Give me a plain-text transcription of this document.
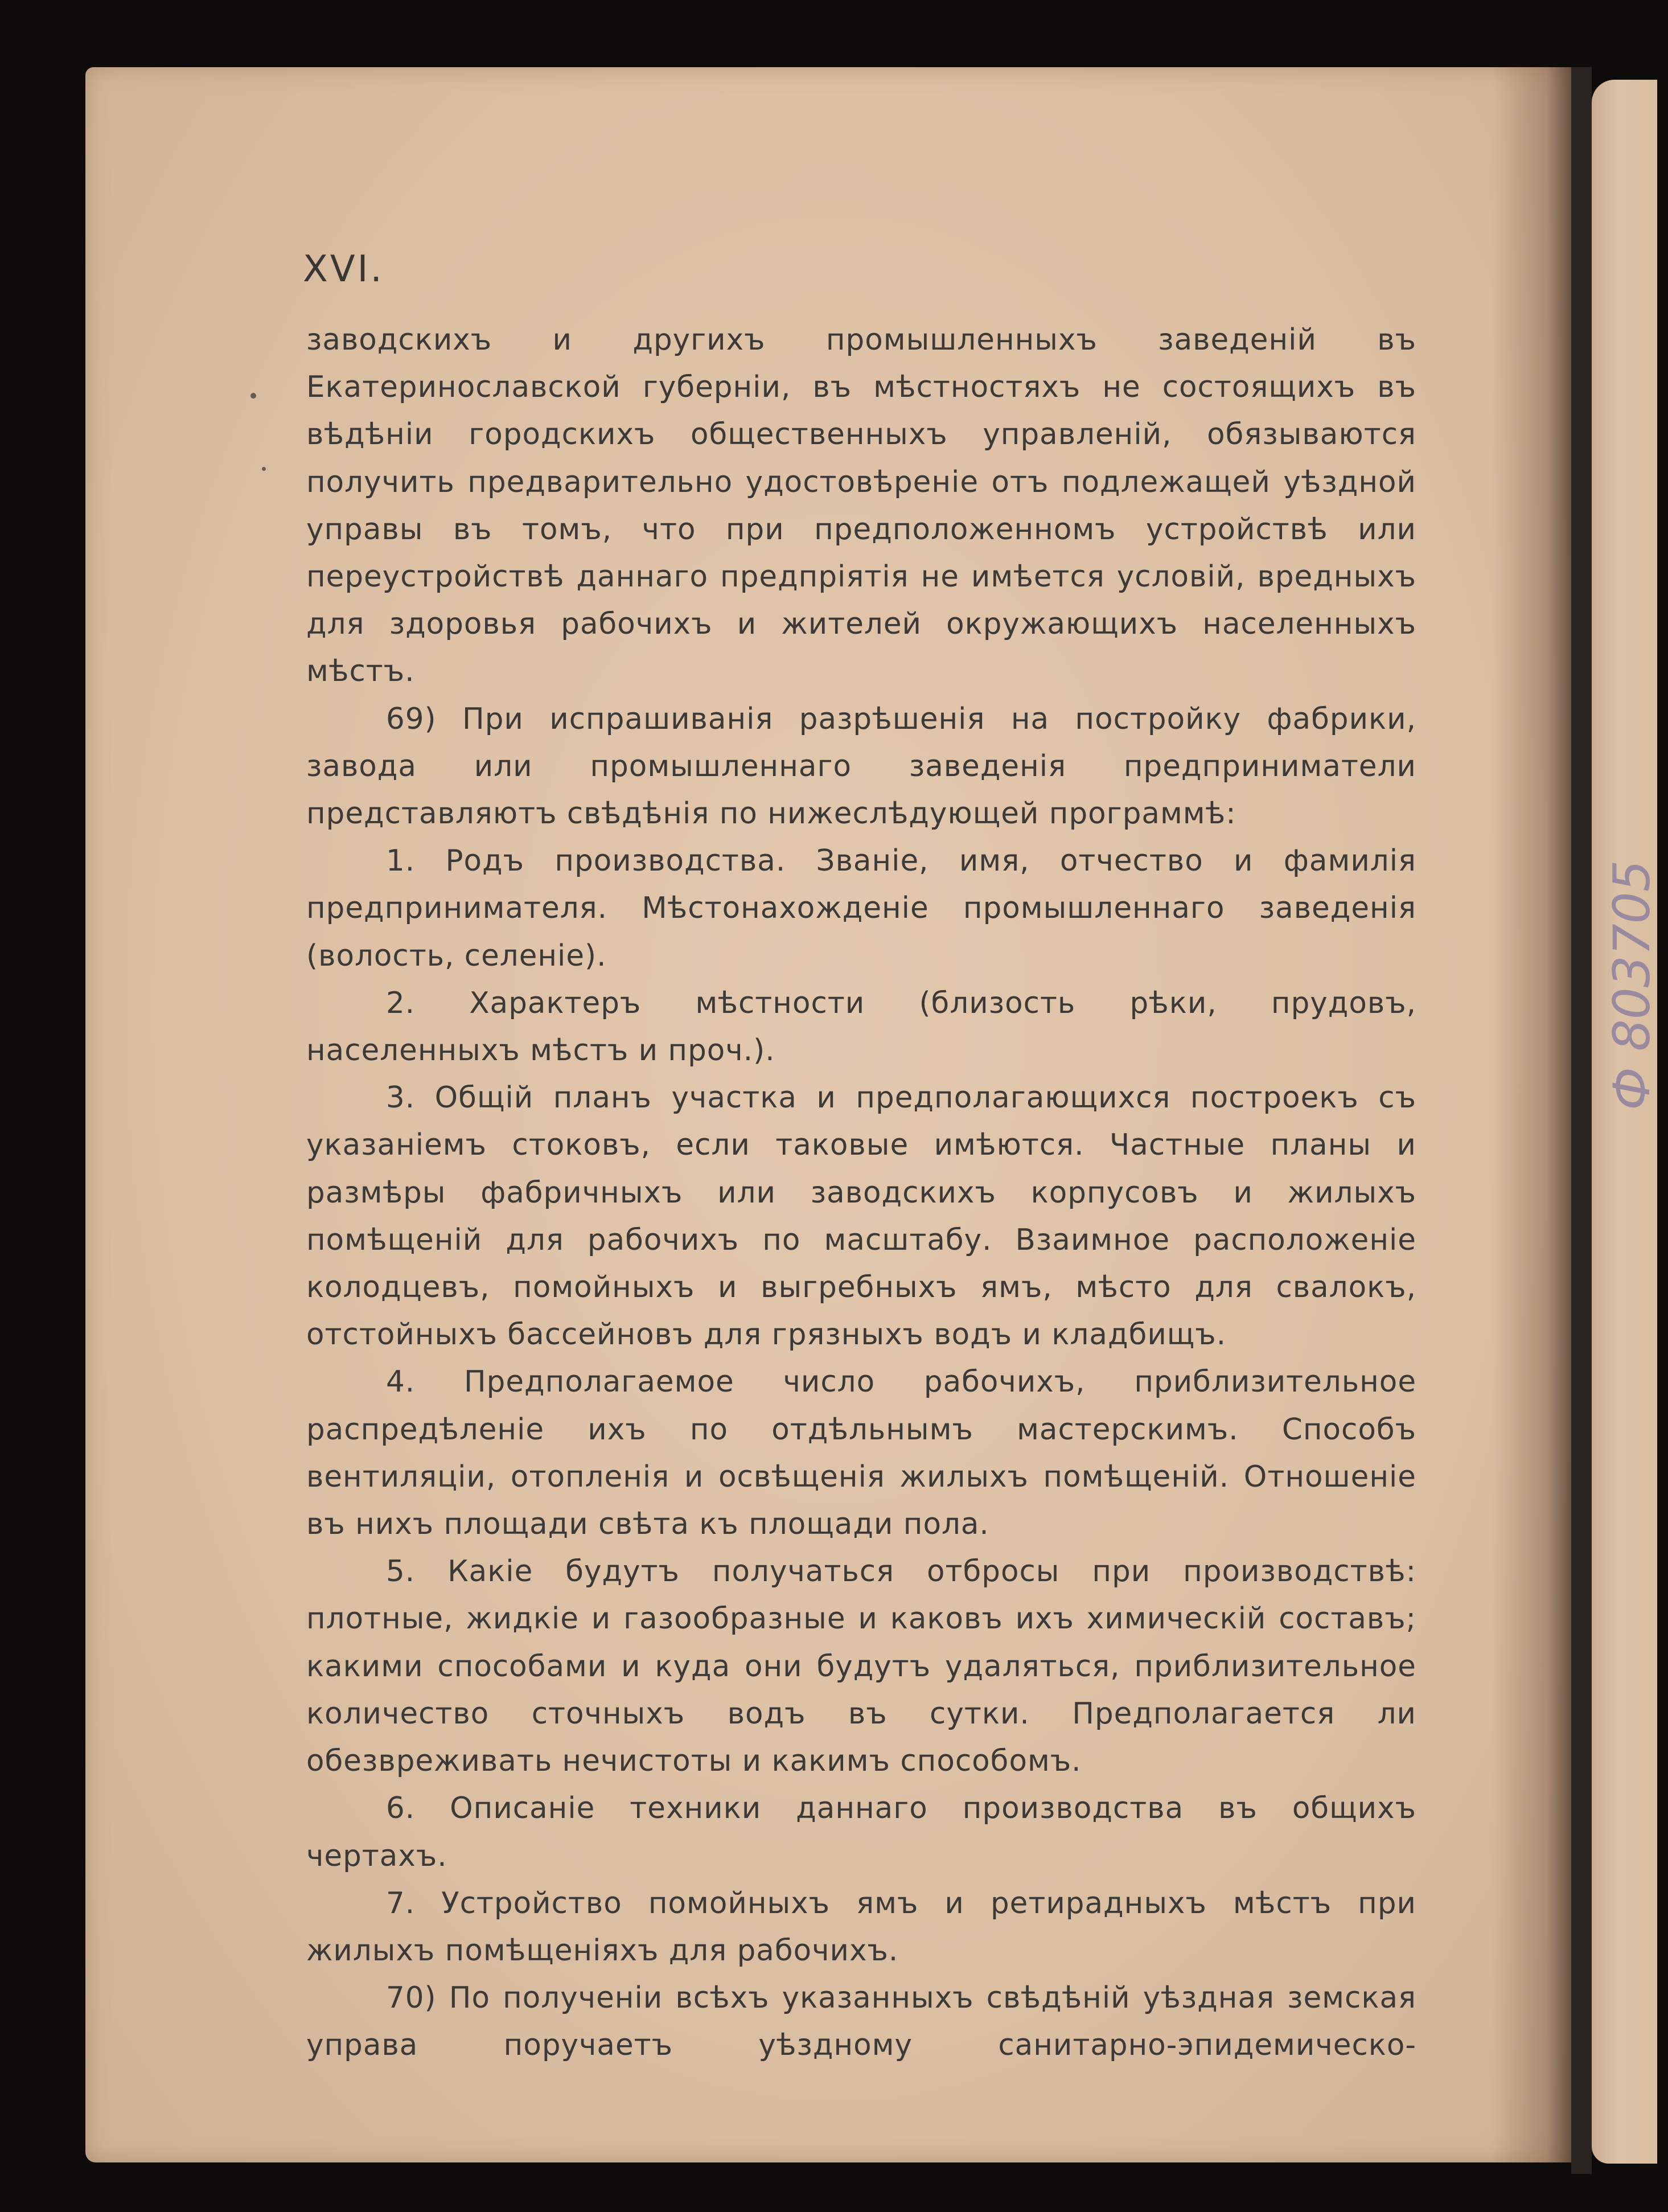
XVI.

заводскихъ и другихъ промышленныхъ заведенiй въ Екатеринославской губернiи, въ мѣстностяхъ не состоящихъ въ вѣдѣнiи городскихъ общественныхъ управленiй, обязываются получить предварительно удостовѣренiе отъ подлежащей уѣздной управы въ томъ, что при предположенномъ устройствѣ или переустройствѣ даннаго предпрiятiя не имѣется условiй, вредныхъ для здоровья рабочихъ и жителей окружающихъ населенныхъ мѣстъ.

69) При испрашиванiя разрѣшенiя на постройку фабрики, завода или промышленнаго заведенiя предприниматели представляютъ свѣдѣнiя по нижеслѣдующей программѣ:

1. Родъ производства. Званiе, имя, отчество и фамилiя предпринимателя. Мѣстонахожденiе промышленнаго заведенiя (волость, селенiе).

2. Характеръ мѣстности (близость рѣки, прудовъ, населенныхъ мѣстъ и проч.).

3. Общiй планъ участка и предполагающихся построекъ съ указанiемъ стоковъ, если таковые имѣются. Частные планы и размѣры фабричныхъ или заводскихъ корпусовъ и жилыхъ помѣщенiй для рабочихъ по масштабу. Взаимное расположенiе колодцевъ, помойныхъ и выгребныхъ ямъ, мѣсто для свалокъ, отстойныхъ бассейновъ для грязныхъ водъ и кладбищъ.

4. Предполагаемое число рабочихъ, приблизительное распредѣленiе ихъ по отдѣльнымъ мастерскимъ. Способъ вентиляцiи, отопленiя и освѣщенiя жилыхъ помѣщенiй. Отношенiе въ нихъ площади свѣта къ площади пола.

5. Какiе будутъ получаться отбросы при производствѣ: плотные, жидкiе и газообразные и каковъ ихъ химическiй составъ; какими способами и куда они будутъ удаляться, приблизительное количество сточныхъ водъ въ сутки. Предполагается ли обезвреживать нечистоты и какимъ способомъ.

6. Описанiе техники даннаго производства въ общихъ чертахъ.

7. Устройство помойныхъ ямъ и ретирадныхъ мѣстъ при жилыхъ помѣщенiяхъ для рабочихъ.

70) По полученiи всѣхъ указанныхъ свѣдѣнiй уѣздная земская управа поручаетъ уѣздному санитарно-эпидемическо-

Ф 803705
